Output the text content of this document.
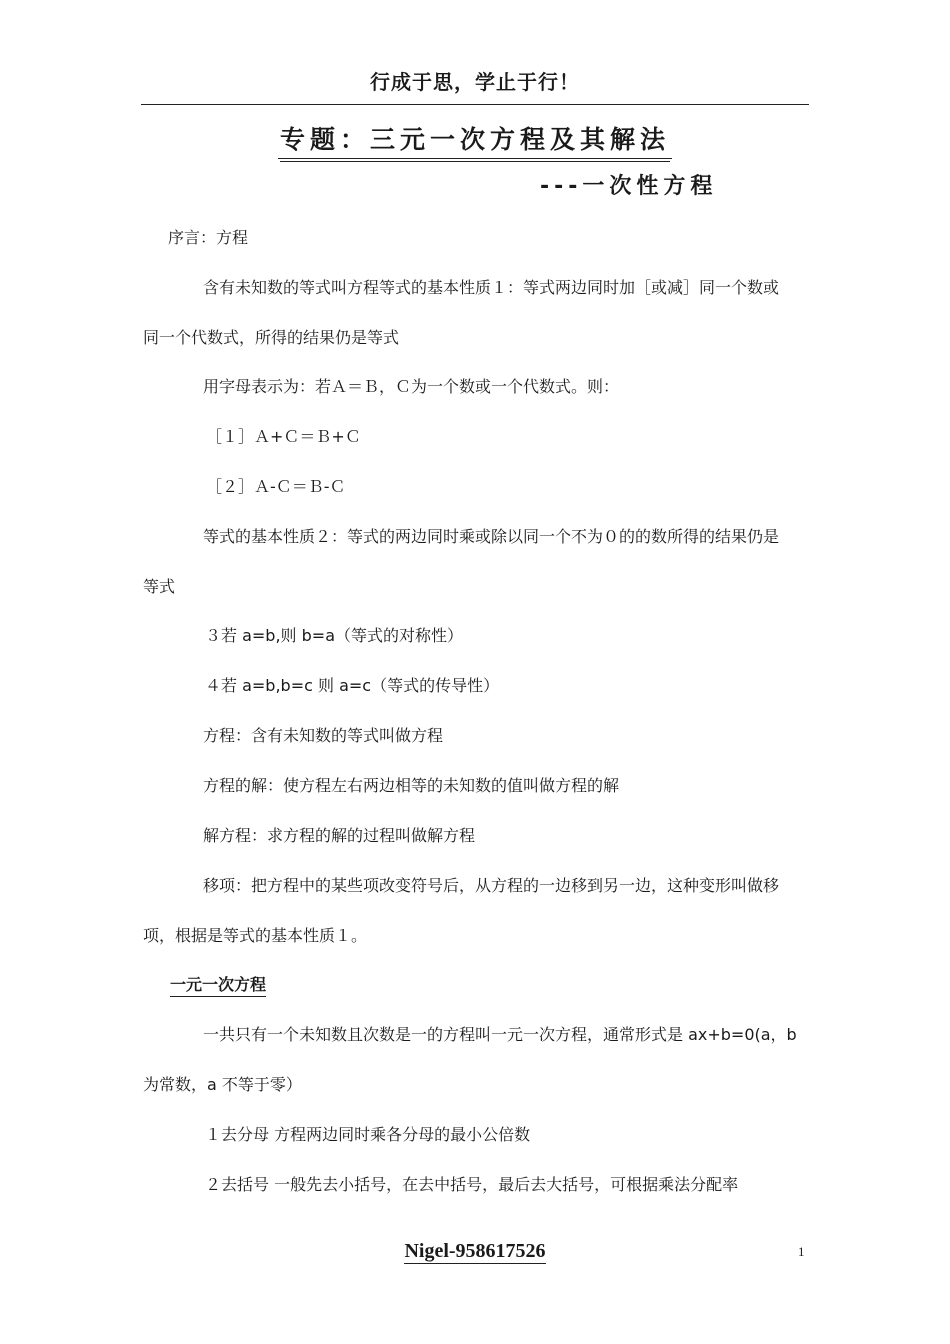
行成于思，学止于行！
专题：三元一次方程及其解法
---一次性方程
序言：方程
含有未知数的等式叫方程等式的基本性质１：等式两边同时加［或减］同一个数或
同一个代数式，所得的结果仍是等式
用字母表示为：若Ａ＝Ｂ，Ｃ为一个数或一个代数式。则：
［１］Ａ+Ｃ＝Ｂ+Ｃ
［２］Ａ-Ｃ＝Ｂ-Ｃ
等式的基本性质２：等式的两边同时乘或除以同一个不为０的的数所得的结果仍是
等式
３若 a=b,则 b=a（等式的对称性）
４若 a=b,b=c 则 a=c（等式的传导性）
方程：含有未知数的等式叫做方程
方程的解：使方程左右两边相等的未知数的值叫做方程的解
解方程：求方程的解的过程叫做解方程
移项：把方程中的某些项改变符号后，从方程的一边移到另一边，这种变形叫做移
项，根据是等式的基本性质１。
一元一次方程
一共只有一个未知数且次数是一的方程叫一元一次方程，通常形式是 ax+b=0(a，b
为常数，a 不等于零）
１去分母 方程两边同时乘各分母的最小公倍数
２去括号 一般先去小括号，在去中括号，最后去大括号，可根据乘法分配率
Nigel-958617526	1
